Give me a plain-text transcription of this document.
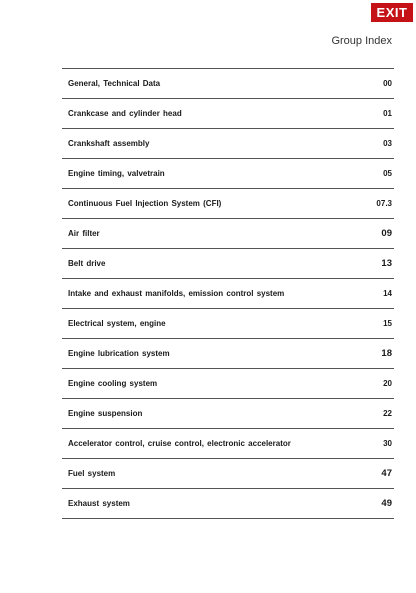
EXIT
Group Index
General, Technical Data	00
Crankcase and cylinder head	01
Crankshaft assembly	03
Engine timing, valvetrain	05
Continuous Fuel Injection System (CFI)	07.3
Air filter	09
Belt drive	13
Intake and exhaust manifolds, emission control system	14
Electrical system, engine	15
Engine lubrication system	18
Engine cooling system	20
Engine suspension	22
Accelerator control, cruise control, electronic accelerator	30
Fuel system	47
Exhaust system	49
